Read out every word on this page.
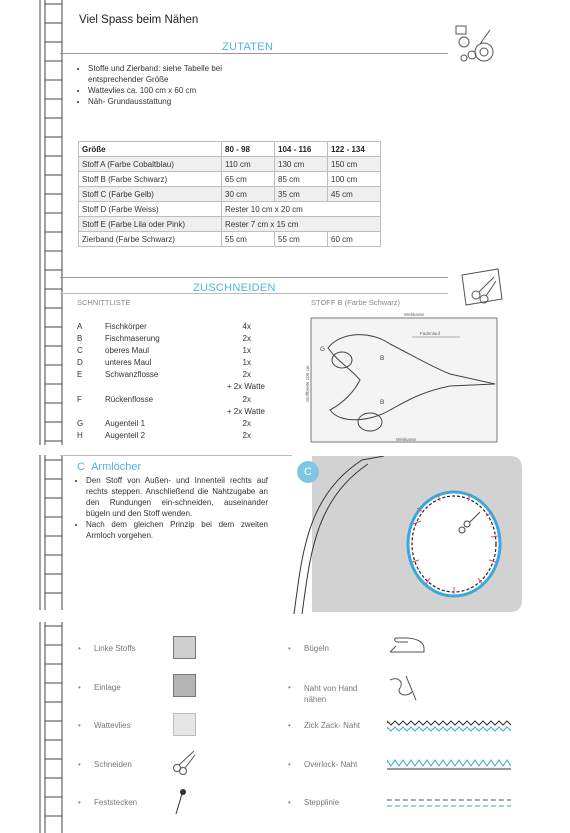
Viel Spass beim Nähen
ZUTATEN
• Stoffe und Zierband: siehe Tabelle bei entsprechender Größe
• Wattevlies ca. 100 cm x 60 cm
• Näh- Grundausstattung
Größe	80 - 98	104 - 116	122 - 134
Stoff A (Farbe Cobaltblau)	110 cm	130 cm	150 cm
Stoff B (Farbe Schwarz)	65 cm	85 cm	100 cm
Stoff C (Farbe Gelb)	30 cm	35 cm	45 cm
Stoff D (Farbe Weiss)	Rester 10 cm x 20 cm		
Stoff E (Farbe Lila oder Pink)	Rester 7 cm x 15 cm		
Zierband (Farbe Schwarz)	55 cm	55 cm	60 cm
ZUSCHNEIDEN
SCHNITTLISTE	STOFF B (Farbe Schwarz)
A	Fischkörper	4x
B	Fischmaserung	2x
C	oberes Maul	1x
D	unteres Maul	1x
E	Schwanzflosse	2x
+ 2x Watte
F	Rückenflosse	2x
+ 2x Watte
G	Augenteil 1	2x
H	Augenteil 2	2x
Webkante
Webkante
Fadenlauf
Stoffbreite 100 cm
B
B
G
C Armlöcher
• Den Stoff von Außen- und Innenteil rechts auf rechts steppen. Anschließend die Nahtzugabe an den Rundungen ein-schneiden, auseinander bügeln und den Stoff wenden.
• Nach dem gleichen Prinzip bei dem zweiten Armloch vorgehen.
C
• Linke Stoffs
• Einlage
• Wattevlies
• Schneiden
• Feststecken
• Bügeln
• Naht von Hand nähen
• Zick Zack- Naht
• Overlock- Naht
• Stepplinie
